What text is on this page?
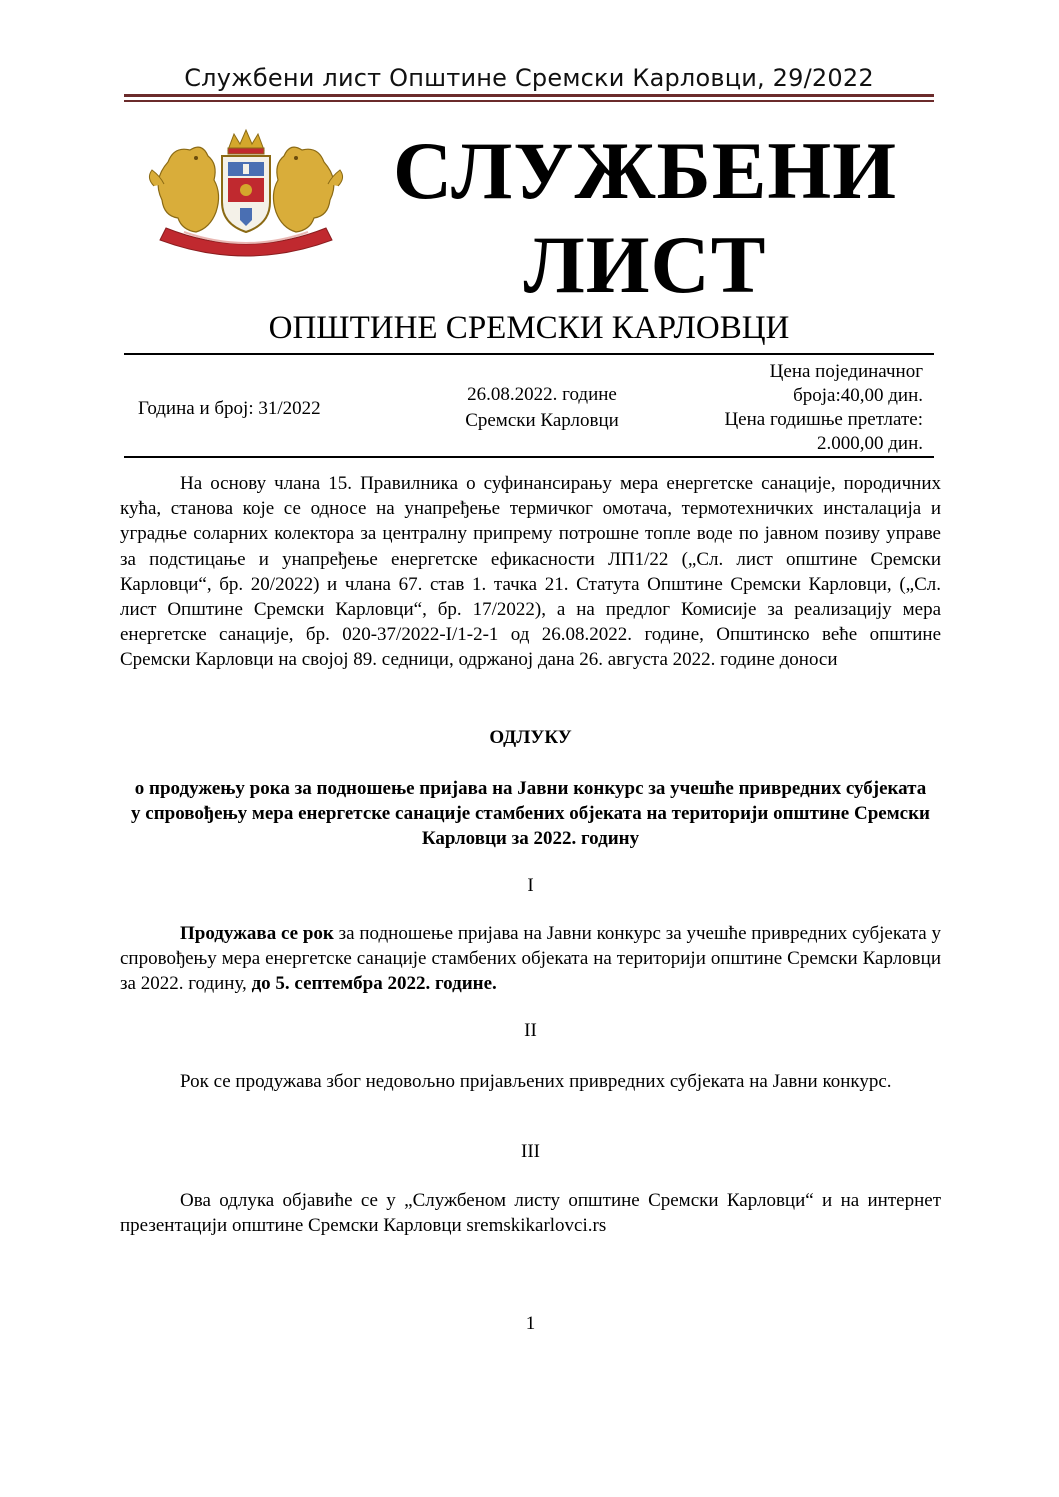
Службени лист Општине Сремски Карловци, 29/2022
СЛУЖБЕНИ
ЛИСТ
ОПШТИНЕ СРЕМСКИ КАРЛОВЦИ
Година и број: 31/2022
26.08.2022. године
Сремски Карловци
Цена појединачног
броја:40,00 дин.
Цена годишње претлате:
2.000,00 дин.

На основу члана 15. Правилника о суфинансирању мера енергетске санације, породичних кућа, станова које се односе на унапређење термичког омотача, термотехничких инсталација и уградње соларних колектора за централну припрему потрошне топле воде по јавном позиву управе за подстицање и унапређење енергетске ефикасности ЛП1/22 („Сл. лист општине Сремски Карловци“, бр. 20/2022) и члана 67. став 1. тачка 21. Статута Општине Сремски Карловци, („Сл. лист Општине Сремски Карловци“, бр. 17/2022), а на предлог Комисије за реализацију мера енергетске санације, бр. 020-37/2022-I/1-2-1 од 26.08.2022. године, Општинско веће општине Сремски Карловци на својој 89. седници, одржаној дана 26. августа 2022. године доноси

ОДЛУКУ
о продужењу рока за подношење пријава на Јавни конкурс за учешће привредних субјеката у спровођењу мера енергетске санације стамбених објеката на територији општине Сремски Карловци за 2022. годину
I

Продужава се рок за подношење пријава на Јавни конкурс за учешће привредних субјеката у спровођењу мера енергетске санације стамбених објеката на територији општине Сремски Карловци за 2022. годину, до 5. септембра 2022. године.

II

Рок се продужава због недовољно пријављених привредних субјеката на Јавни конкурс.

III

Ова одлука објавиће се у „Службеном листу општине Сремски Карловци“ и на интернет презентацији општине Сремски Карловци sremskikarlovci.rs

1
